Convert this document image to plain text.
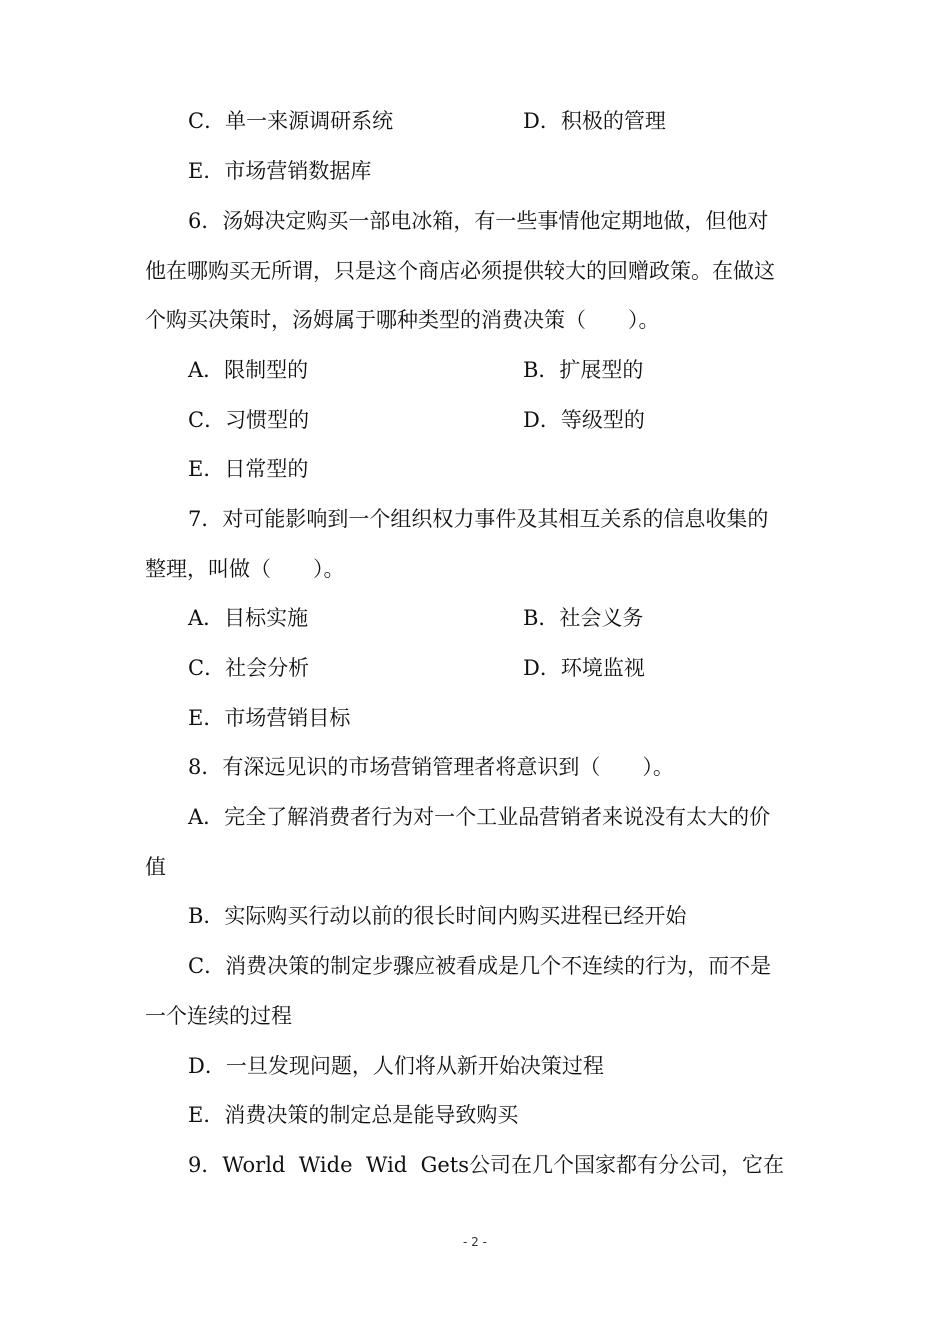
C．单一来源调研系统	D．积极的管理
E．市场营销数据库
6．汤姆决定购买一部电冰箱，有一些事情他定期地做，但他对
他在哪购买无所谓，只是这个商店必须提供较大的回赠政策。在做这
个购买决策时，汤姆属于哪种类型的消费决策（　　）。
A．限制型的	B．扩展型的
C．习惯型的	D．等级型的
E．日常型的
7．对可能影响到一个组织权力事件及其相互关系的信息收集的
整理，叫做（　　）。
A．目标实施	B．社会义务
C．社会分析	D．环境监视
E．市场营销目标
8．有深远见识的市场营销管理者将意识到（　　）。
A．完全了解消费者行为对一个工业品营销者来说没有太大的价
值
B．实际购买行动以前的很长时间内购买进程已经开始
C．消费决策的制定步骤应被看成是几个不连续的行为，而不是
一个连续的过程
D．一旦发现问题，人们将从新开始决策过程
E．消费决策的制定总是能导致购买
9．World  Wide  Wid  Gets公司在几个国家都有分公司，它在
- 2 -
